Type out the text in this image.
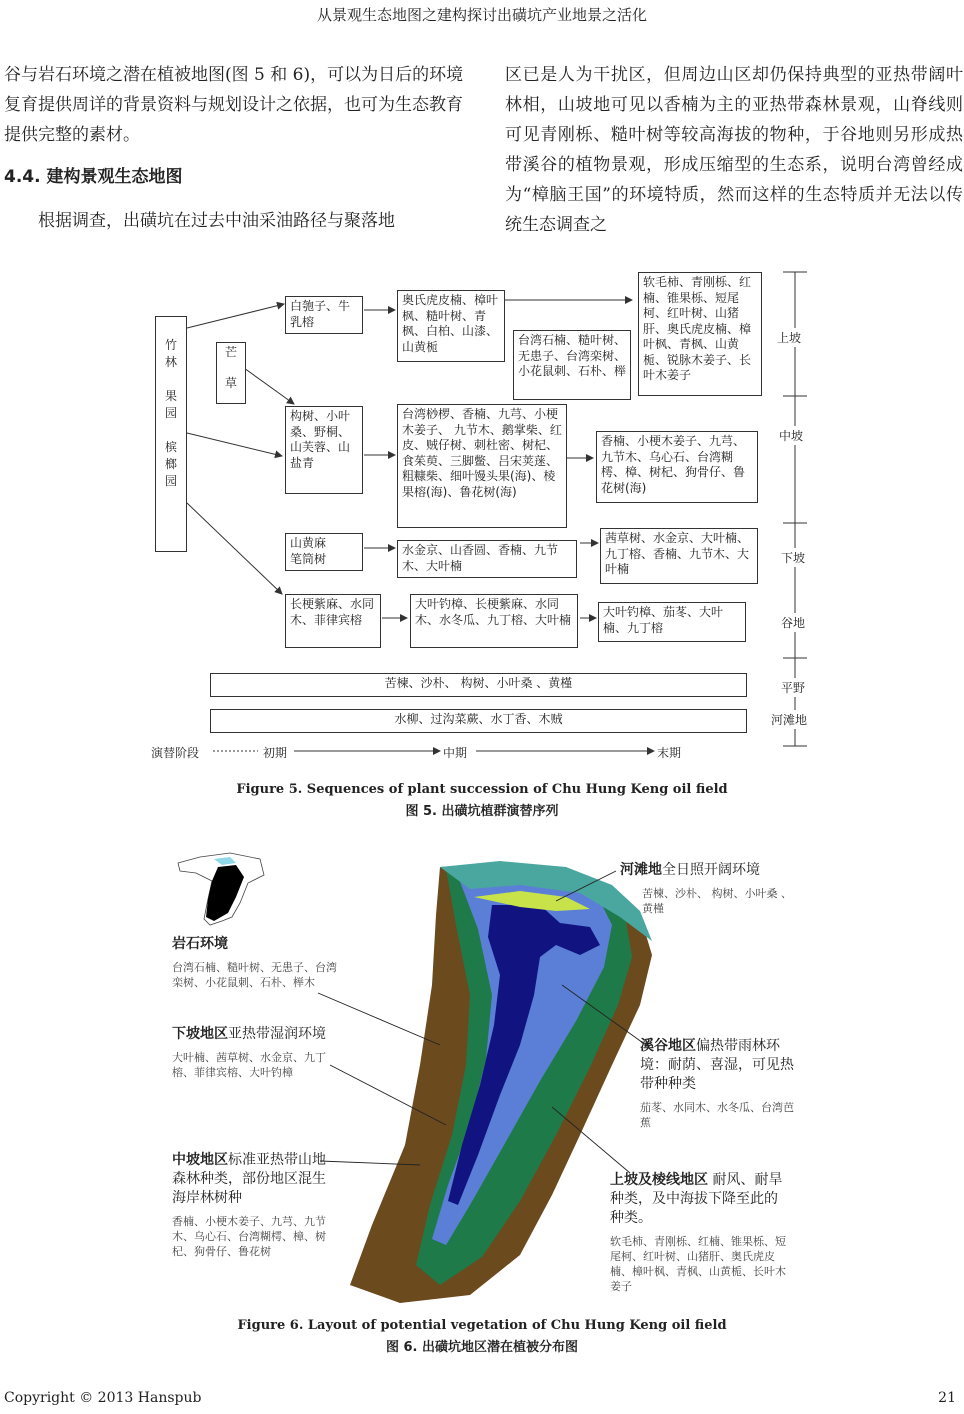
从景观生态地图之建构探讨出磺坑产业地景之活化

谷与岩石环境之潜在植被地图(图 5 和 6)，可以为日后的环境复育提供周详的背景资料与规划设计之依据，也可为生态教育提供完整的素材。

4.4. 建构景观生态地图

根据调查，出磺坑在过去中油采油路径与聚落地

区已是人为干扰区，但周边山区却仍保持典型的亚热带阔叶林相，山坡地可见以香楠为主的亚热带森林景观，山脊线则可见青刚栎、糙叶树等较高海拔的物种，于谷地则另形成热带溪谷的植物景观，形成压缩型的生态系，说明台湾曾经成为“樟脑王国”的环境特质，然而这样的生态特质并无法以传统生态调查之

竹林

果园

槟榔园
芒

草
白匏子、牛乳榕
构树、小叶桑、野桐、山芙蓉、山盐青
山黄麻
笔筒树
长梗紫麻、水同木、菲律宾榕
奥氏虎皮楠、樟叶枫、糙叶树、青枫、白柏、山漆、山黄栀	台湾石楠、糙叶树、无患子、台湾栾树、小花鼠刺、石朴、榉
台湾桫椤、香楠、九芎、小梗木姜子、 九节木、鹅掌柴、红皮、贼仔树、刺杜密、树杞、食茱萸、三脚鳖、吕宋荚蒾、粗糠柴、细叶馒头果(海)、棱果榕(海)、鲁花树(海)
水金京、山香圆、香楠、九节木、大叶楠
大叶钓樟、长梗紫麻、水同木、水冬瓜、九丁榕、大叶楠
软毛柿、青刚栎、红楠、锥果栎、短尾柯、红叶树、山猪肝、奥氏虎皮楠、樟叶枫、青枫、山黄栀、锐脉木姜子、长叶木姜子
香楠、小梗木姜子、九芎、九节木、乌心石、台湾糊樗、樟、树杞、狗骨仔、鲁花树(海)
茜草树、水金京、大叶楠、九丁榕、香楠、九节木、大叶楠
大叶钓樟、茄苳、大叶楠、九丁榕
苦楝、沙朴、 构树、小叶桑 、黄槿
水柳、过沟菜蕨、水丁香、木贼
上坡
中坡
下坡
谷地
平野
河滩地
演替阶段	初期	中期	末期
Figure 5. Sequences of plant succession of Chu Hung Keng oil field
图 5. 出磺坑植群演替序列
岩石环境
台湾石楠、糙叶树、无患子、台湾栾树、小花鼠刺、石朴、榉木
下坡地区亚热带湿润环境
大叶楠、茜草树、水金京、九丁榕、菲律宾榕、大叶钓樟
中坡地区标准亚热带山地森林种类，部份地区混生海岸林树种
香楠、小梗木姜子、九芎、九节木、乌心石、台湾糊樗、樟、树杞、狗骨仔、鲁花树
河滩地全日照开阔环境
苦楝、沙朴、 构树、小叶桑 、黄槿
溪谷地区偏热带雨林环境：耐荫、喜湿，可见热带种种类
茄苳、水同木、水冬瓜、台湾芭蕉
上坡及棱线地区 耐风、耐旱种类，及中海拔下降至此的种类。
软毛柿、青刚栎、红楠、锥果栎、短尾柯、红叶树、山猪肝、奥氏虎皮楠、樟叶枫、青枫、山黄栀、长叶木姜子
Figure 6. Layout of potential vegetation of Chu Hung Keng oil field
图 6. 出磺坑地区潜在植被分布图
Copyright © 2013 Hanspub	21
